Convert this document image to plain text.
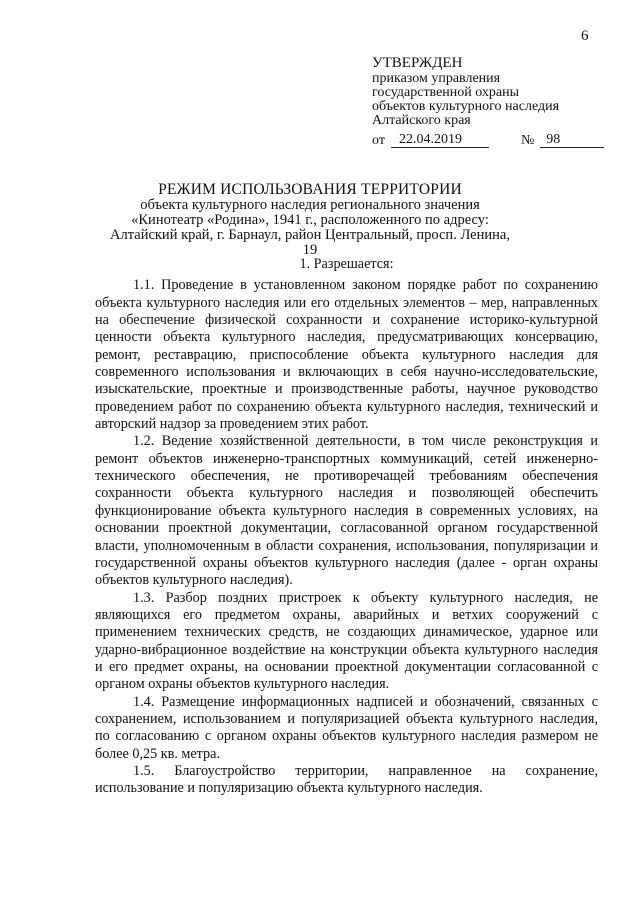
6
УТВЕРЖДЕН
приказом управления
государственной охраны
объектов культурного наследия
Алтайского края
от	22.04.2019	№ 98
РЕЖИМ ИСПОЛЬЗОВАНИЯ ТЕРРИТОРИИ
объекта культурного наследия регионального значения
«Кинотеатр «Родина», 1941 г., расположенного по адресу:
Алтайский край, г. Барнаул, район Центральный, просп. Ленина, 19
1. Разрешается:

1.1. Проведение в установленном законом порядке работ по сохранению объекта культурного наследия или его отдельных элементов – мер, направленных на обеспечение физической сохранности и сохранение историко-культурной ценности объекта культурного наследия, предусматривающих консервацию, ремонт, реставрацию, приспособление объекта культурного наследия для современного использования и включающих в себя научно-исследовательские, изыскательские, проектные и производственные работы, научное руководство проведением работ по сохранению объекта культурного наследия, технический и авторский надзор за проведением этих работ.

1.2. Ведение хозяйственной деятельности, в том числе реконструкция и ремонт объектов инженерно-транспортных коммуникаций, сетей инженерно-технического обеспечения, не противоречащей требованиям обеспечения сохранности объекта культурного наследия и позволяющей обеспечить функционирование объекта культурного наследия в современных условиях, на основании проектной документации, согласованной органом государственной власти, уполномоченным в области сохранения, использования, популяризации и государственной охраны объектов культурного наследия (далее - орган охраны объектов культурного наследия).

1.3. Разбор поздних пристроек к объекту культурного наследия, не являющихся его предметом охраны, аварийных и ветхих сооружений с применением технических средств, не создающих динамическое, ударное или ударно-вибрационное воздействие на конструкции объекта культурного наследия и его предмет охраны, на основании проектной документации согласованной с органом охраны объектов культурного наследия.

1.4. Размещение информационных надписей и обозначений, связанных с сохранением, использованием и популяризацией объекта культурного наследия, по согласованию с органом охраны объектов культурного наследия размером не более 0,25 кв. метра.

1.5. Благоустройство территории, направленное на сохранение, использование и популяризацию объекта культурного наследия.
